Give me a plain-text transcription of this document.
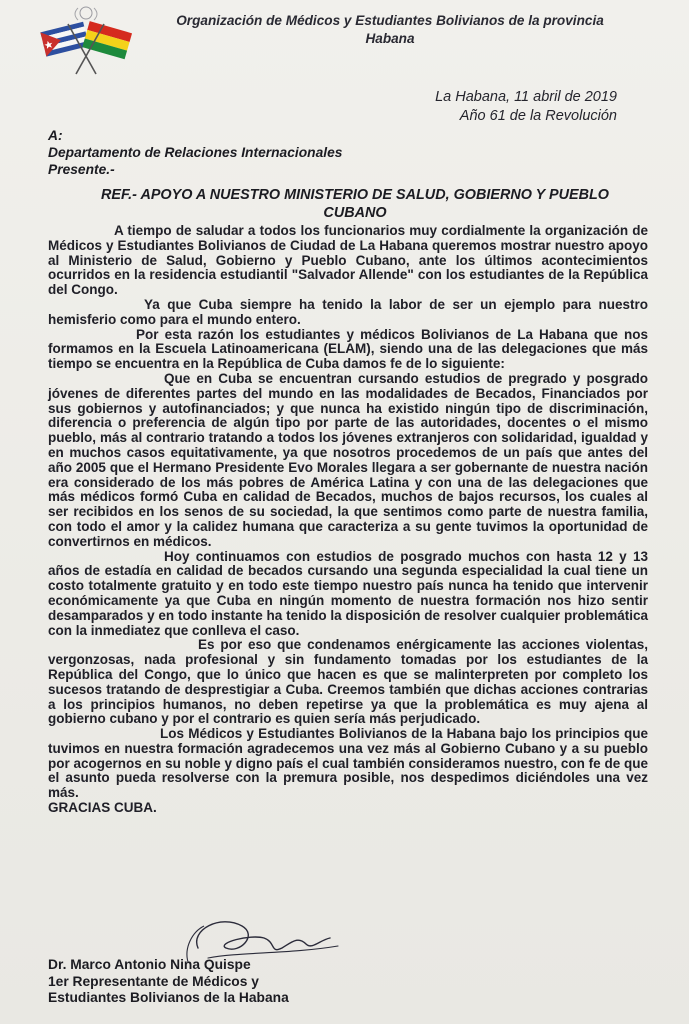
Organización de Médicos y Estudiantes Bolivianos de la provincia
Habana
La Habana, 11 abril de 2019
Año 61 de la Revolución
A:
Departamento de Relaciones Internacionales
Presente.-
REF.- APOYO A NUESTRO MINISTERIO DE SALUD, GOBIERNO Y PUEBLO
CUBANO

A tiempo de saludar a todos los funcionarios muy cordialmente la organización de Médicos y Estudiantes Bolivianos de Ciudad de La Habana queremos mostrar nuestro apoyo al Ministerio de Salud, Gobierno y Pueblo Cubano, ante los últimos acontecimientos ocurridos en la residencia estudiantil "Salvador Allende" con los estudiantes de la República del Congo.

Ya que Cuba siempre ha tenido la labor de ser un ejemplo para nuestro hemisferio como para el mundo entero.

Por esta razón los estudiantes y médicos Bolivianos de La Habana que nos formamos en la Escuela Latinoamericana (ELAM), siendo una de las delegaciones que más tiempo se encuentra en la República de Cuba damos fe de lo siguiente:

Que en Cuba se encuentran cursando estudios de pregrado y posgrado jóvenes de diferentes partes del mundo en las modalidades de Becados, Financiados por sus gobiernos y autofinanciados; y que nunca ha existido ningún tipo de discriminación, diferencia o preferencia de algún tipo por parte de las autoridades, docentes o el mismo pueblo, más al contrario tratando a todos los jóvenes extranjeros con solidaridad, igualdad y en muchos casos equitativamente, ya que nosotros procedemos de un país que antes del año 2005 que el Hermano Presidente Evo Morales llegara a ser gobernante de nuestra nación era considerado de los más pobres de América Latina y con una de las delegaciones que más médicos formó Cuba en calidad de Becados, muchos de bajos recursos, los cuales al ser recibidos en los senos de su sociedad, la que sentimos como parte de nuestra familia, con todo el amor y la calidez humana que caracteriza a su gente tuvimos la oportunidad de convertirnos en médicos.

Hoy continuamos con estudios de posgrado muchos con hasta 12 y 13 años de estadía en calidad de becados cursando una segunda especialidad la cual tiene un costo totalmente gratuito y en todo este tiempo nuestro país nunca ha tenido que intervenir económicamente ya que Cuba en ningún momento de nuestra formación nos hizo sentir desamparados y en todo instante ha tenido la disposición de resolver cualquier problemática con la inmediatez que conlleva el caso.

Es por eso que condenamos enérgicamente las acciones violentas, vergonzosas, nada profesional y sin fundamento tomadas por los estudiantes de la República del Congo, que lo único que hacen es que se malinterpreten por completo los sucesos tratando de desprestigiar a Cuba. Creemos también que dichas acciones contrarias a los principios humanos, no deben repetirse ya que la problemática es muy ajena al gobierno cubano y por el contrario es quien sería más perjudicado.

Los Médicos y Estudiantes Bolivianos de la Habana bajo los principios que tuvimos en nuestra formación agradecemos una vez más al Gobierno Cubano y a su pueblo por acogernos en su noble y digno país el cual también consideramos nuestro, con fe de que el asunto pueda resolverse con la premura posible, nos despedimos diciéndoles una vez más.

GRACIAS CUBA.

Dr. Marco Antonio Nina Quispe
1er Representante de Médicos y
Estudiantes Bolivianos de la Habana
